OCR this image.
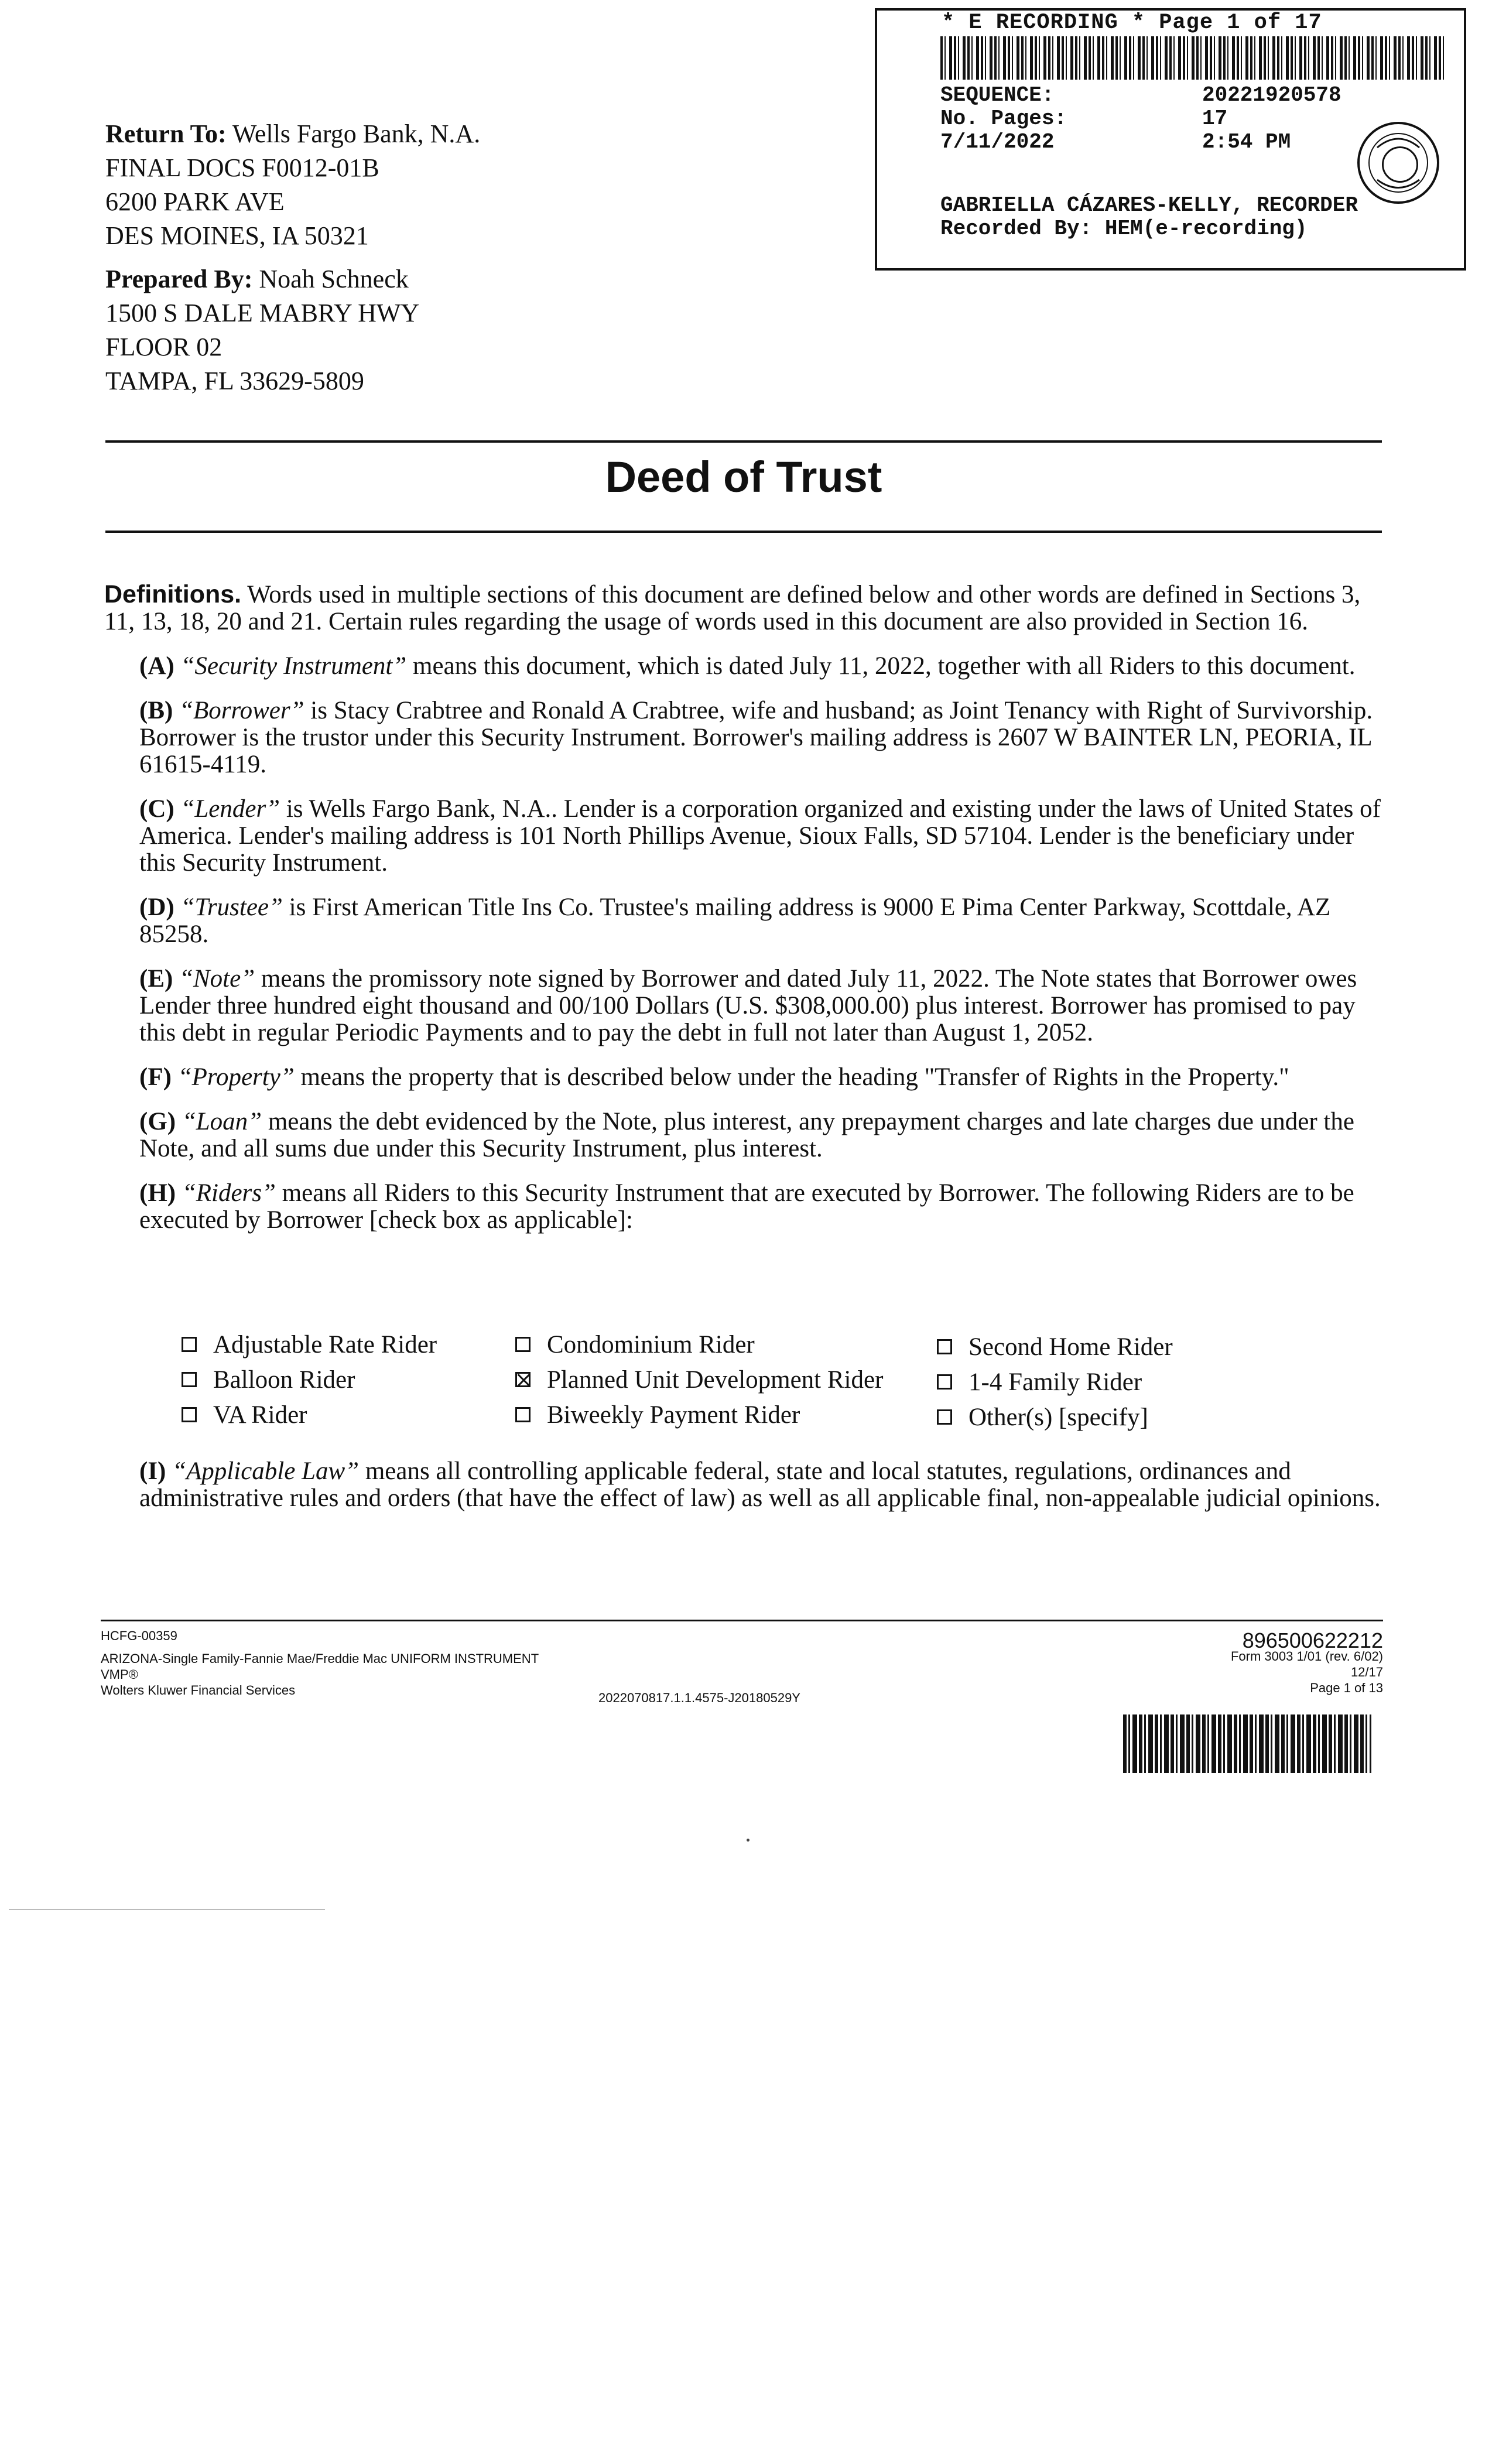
* E RECORDING * Page 1 of 17
SEQUENCE:	20221920578
No. Pages:	17
7/11/2022	2:54 PM
GABRIELLA CÁZARES-KELLY, RECORDER
Recorded By: HEM(e-recording)
Return To: Wells Fargo Bank, N.A.
FINAL DOCS F0012-01B
6200 PARK AVE
DES MOINES, IA 50321
Prepared By: Noah Schneck
1500 S DALE MABRY HWY
FLOOR 02
TAMPA, FL 33629-5809
Deed of Trust

Definitions. Words used in multiple sections of this document are defined below and other words are defined in Sections 3, 11, 13, 18, 20 and 21. Certain rules regarding the usage of words used in this document are also provided in Section 16.

(A) “Security Instrument” means this document, which is dated July 11, 2022, together with all Riders to this document.

(B) “Borrower” is Stacy Crabtree and Ronald A Crabtree, wife and husband; as Joint Tenancy with Right of Survivorship. Borrower is the trustor under this Security Instrument. Borrower's mailing address is 2607 W BAINTER LN, PEORIA, IL 61615-4119.

(C) “Lender” is Wells Fargo Bank, N.A.. Lender is a corporation organized and existing under the laws of United States of America. Lender's mailing address is 101 North Phillips Avenue, Sioux Falls, SD 57104. Lender is the beneficiary under this Security Instrument.

(D) “Trustee” is First American Title Ins Co. Trustee's mailing address is 9000 E Pima Center Parkway, Scottdale, AZ 85258.

(E) “Note” means the promissory note signed by Borrower and dated July 11, 2022. The Note states that Borrower owes Lender three hundred eight thousand and 00/100 Dollars (U.S. $308,000.00) plus interest. Borrower has promised to pay this debt in regular Periodic Payments and to pay the debt in full not later than August 1, 2052.

(F) “Property” means the property that is described below under the heading "Transfer of Rights in the Property."

(G) “Loan” means the debt evidenced by the Note, plus interest, any prepayment charges and late charges due under the Note, and all sums due under this Security Instrument, plus interest.

(H) “Riders” means all Riders to this Security Instrument that are executed by Borrower. The following Riders are to be executed by Borrower [check box as applicable]:

Adjustable Rate Rider	Condominium Rider	Second Home Rider
Balloon Rider	Planned Unit Development Rider	1-4 Family Rider
VA Rider	Biweekly Payment Rider	Other(s) [specify]

(I) “Applicable Law” means all controlling applicable federal, state and local statutes, regulations, ordinances and administrative rules and orders (that have the effect of law) as well as all applicable final, non-appealable judicial opinions.

HCFG-00359
ARIZONA-Single Family-Fannie Mae/Freddie Mac UNIFORM INSTRUMENT
VMP®
Wolters Kluwer Financial Services
2022070817.1.1.4575-J20180529Y
896500622212
Form 3003 1/01 (rev. 6/02)
12/17
Page 1 of 13
